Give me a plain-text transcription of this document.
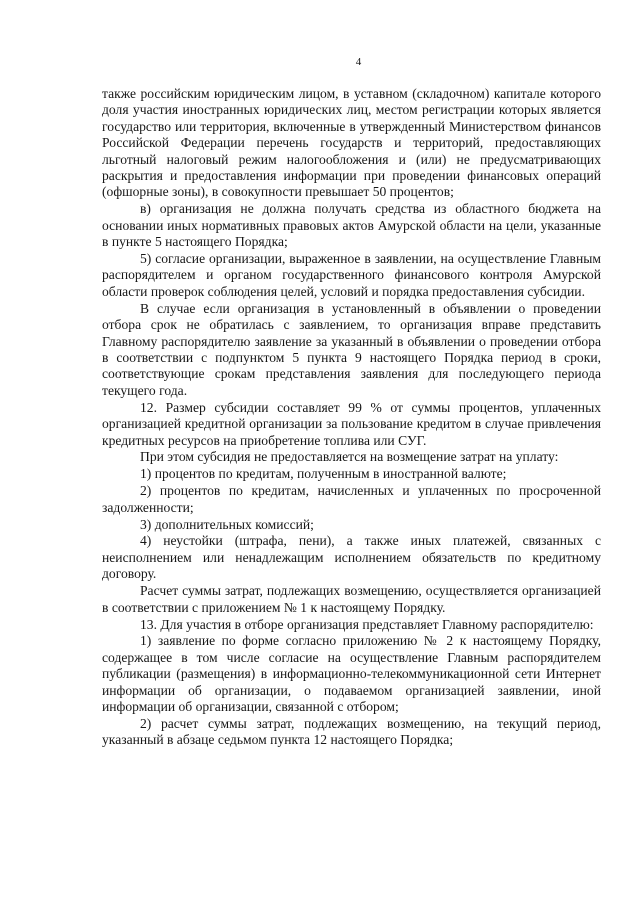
4

также российским юридическим лицом, в уставном (складочном) капитале которого доля участия иностранных юридических лиц, местом регистрации которых является государство или территория, включенные в утвержденный Министерством финансов Российской Федерации перечень государств и территорий, предоставляющих льготный налоговый режим налогообложения и (или) не предусматривающих раскрытия и предоставления информации при проведении финансовых операций (офшорные зоны), в совокупности превышает 50 процентов;

в) организация не должна получать средства из областного бюджета на основании иных нормативных правовых актов Амурской области на цели, указанные в пункте 5 настоящего Порядка;

5) согласие организации, выраженное в заявлении, на осуществление Главным распорядителем и органом государственного финансового контроля Амурской области проверок соблюдения целей, условий и порядка предоставления субсидии.

В случае если организация в установленный в объявлении о проведении отбора срок не обратилась с заявлением, то организация вправе представить Главному распорядителю заявление за указанный в объявлении о проведении отбора в соответствии с подпунктом 5 пункта 9 настоящего Порядка период в сроки, соответствующие срокам представления заявления для последующего периода текущего года.

12. Размер субсидии составляет 99 % от суммы процентов, уплаченных организацией кредитной организации за пользование кредитом в случае привлечения кредитных ресурсов на приобретение топлива или СУГ.

При этом субсидия не предоставляется на возмещение затрат на уплату:

1) процентов по кредитам, полученным в иностранной валюте;

2) процентов по кредитам, начисленных и уплаченных по просроченной задолженности;

3) дополнительных комиссий;

4) неустойки (штрафа, пени), а также иных платежей, связанных с неисполнением или ненадлежащим исполнением обязательств по кредитному договору.

Расчет суммы затрат, подлежащих возмещению, осуществляется организацией в соответствии с приложением № 1 к настоящему Порядку.

13. Для участия в отборе организация представляет Главному распорядителю:

1) заявление по форме согласно приложению № 2 к настоящему Порядку, содержащее в том числе согласие на осуществление Главным распорядителем публикации (размещения) в информационно-телекоммуникационной сети Интернет информации об организации, о подаваемом организацией заявлении, иной информации об организации, связанной с отбором;

2) расчет суммы затрат, подлежащих возмещению, на текущий период, указанный в абзаце седьмом пункта 12 настоящего Порядка;
